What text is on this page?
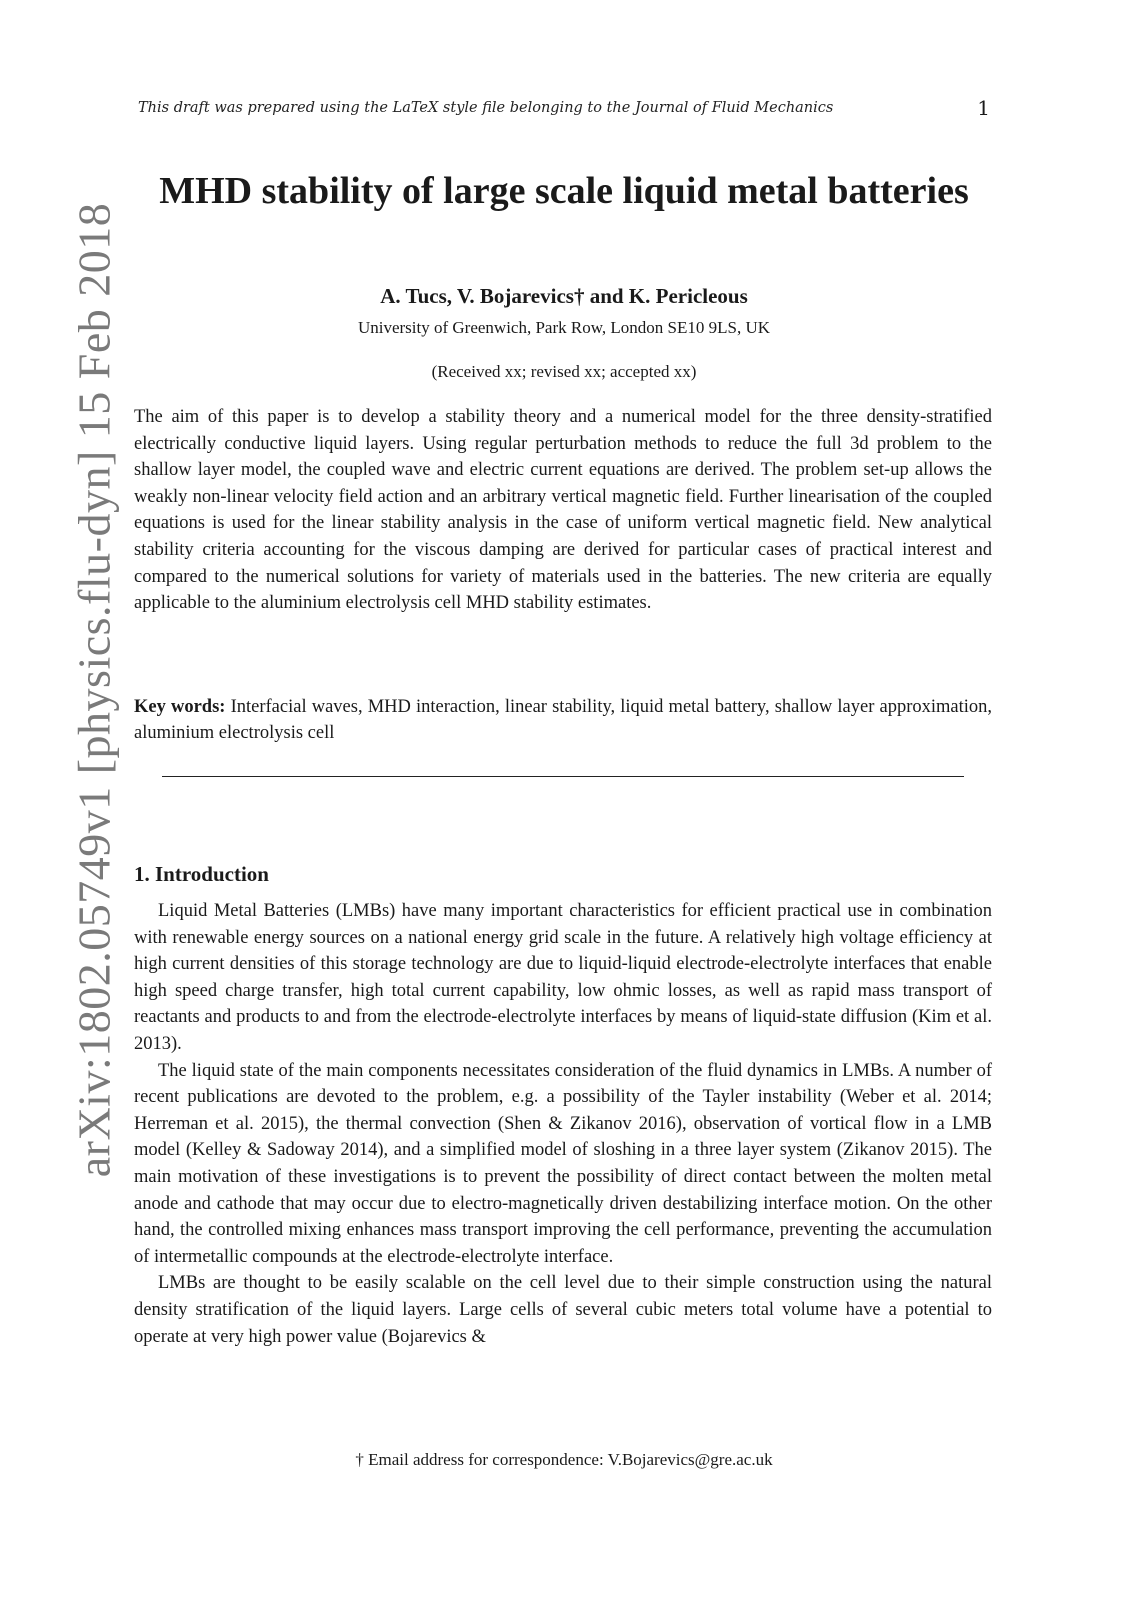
This draft was prepared using the LaTeX style file belonging to the Journal of Fluid Mechanics	1
arXiv:1802.05749v1 [physics.flu-dyn] 15 Feb 2018
MHD stability of large scale liquid metal batteries
A. Tucs, V. Bojarevics† and K. Pericleous
University of Greenwich, Park Row, London SE10 9LS, UK
(Received xx; revised xx; accepted xx)

The aim of this paper is to develop a stability theory and a numerical model for the three density-stratified electrically conductive liquid layers. Using regular perturbation methods to reduce the full 3d problem to the shallow layer model, the coupled wave and electric current equations are derived. The problem set-up allows the weakly non-linear velocity field action and an arbitrary vertical magnetic field. Further linearisation of the coupled equations is used for the linear stability analysis in the case of uniform vertical magnetic field. New analytical stability criteria accounting for the viscous damping are derived for particular cases of practical interest and compared to the numerical solutions for variety of materials used in the batteries. The new criteria are equally applicable to the aluminium electrolysis cell MHD stability estimates.

Key words: Interfacial waves, MHD interaction, linear stability, liquid metal battery, shallow layer approximation, aluminium electrolysis cell

1. Introduction

Liquid Metal Batteries (LMBs) have many important characteristics for efficient practical use in combination with renewable energy sources on a national energy grid scale in the future. A relatively high voltage efficiency at high current densities of this storage technology are due to liquid-liquid electrode-electrolyte interfaces that enable high speed charge transfer, high total current capability, low ohmic losses, as well as rapid mass transport of reactants and products to and from the electrode-electrolyte interfaces by means of liquid-state diffusion (Kim et al. 2013).

The liquid state of the main components necessitates consideration of the fluid dynamics in LMBs. A number of recent publications are devoted to the problem, e.g. a possibility of the Tayler instability (Weber et al. 2014; Herreman et al. 2015), the thermal convection (Shen & Zikanov 2016), observation of vortical flow in a LMB model (Kelley & Sadoway 2014), and a simplified model of sloshing in a three layer system (Zikanov 2015). The main motivation of these investigations is to prevent the possibility of direct contact between the molten metal anode and cathode that may occur due to electro-magnetically driven destabilizing interface motion. On the other hand, the controlled mixing enhances mass transport improving the cell performance, preventing the accumulation of intermetallic compounds at the electrode-electrolyte interface.

LMBs are thought to be easily scalable on the cell level due to their simple construction using the natural density stratification of the liquid layers. Large cells of several cubic meters total volume have a potential to operate at very high power value (Bojarevics &

† Email address for correspondence: V.Bojarevics@gre.ac.uk
